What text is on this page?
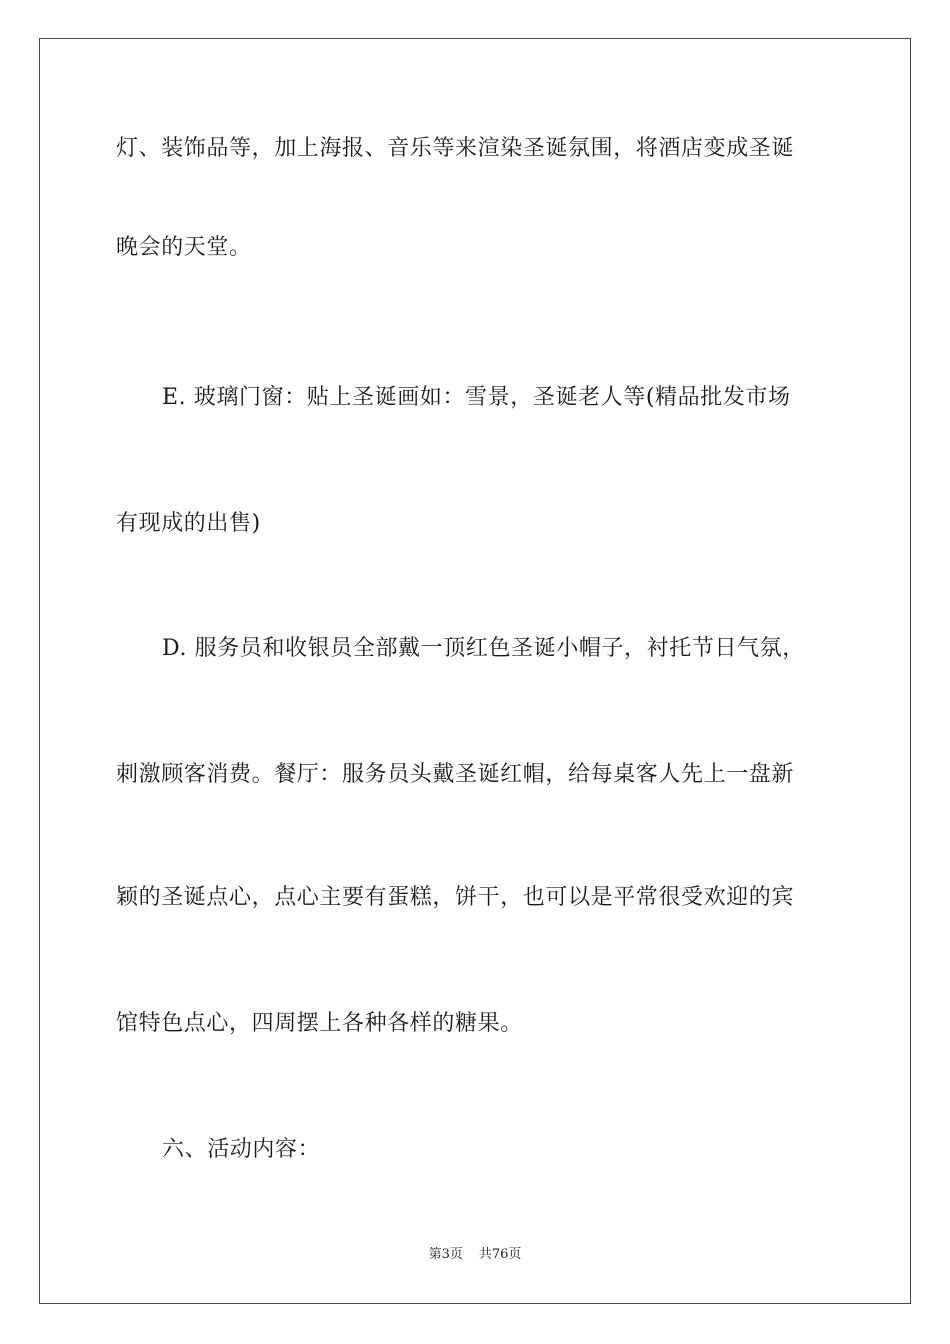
灯、装饰品等，加上海报、音乐等来渲染圣诞氛围，将酒店变成圣诞
晚会的天堂。
E. 玻璃门窗：贴上圣诞画如：雪景，圣诞老人等(精品批发市场
有现成的出售)
D. 服务员和收银员全部戴一顶红色圣诞小帽子，衬托节日气氛，
刺激顾客消费。餐厅：服务员头戴圣诞红帽，给每桌客人先上一盘新
颖的圣诞点心，点心主要有蛋糕，饼干，也可以是平常很受欢迎的宾
馆特色点心，四周摆上各种各样的糖果。
六、活动内容：
第3页 共76页
